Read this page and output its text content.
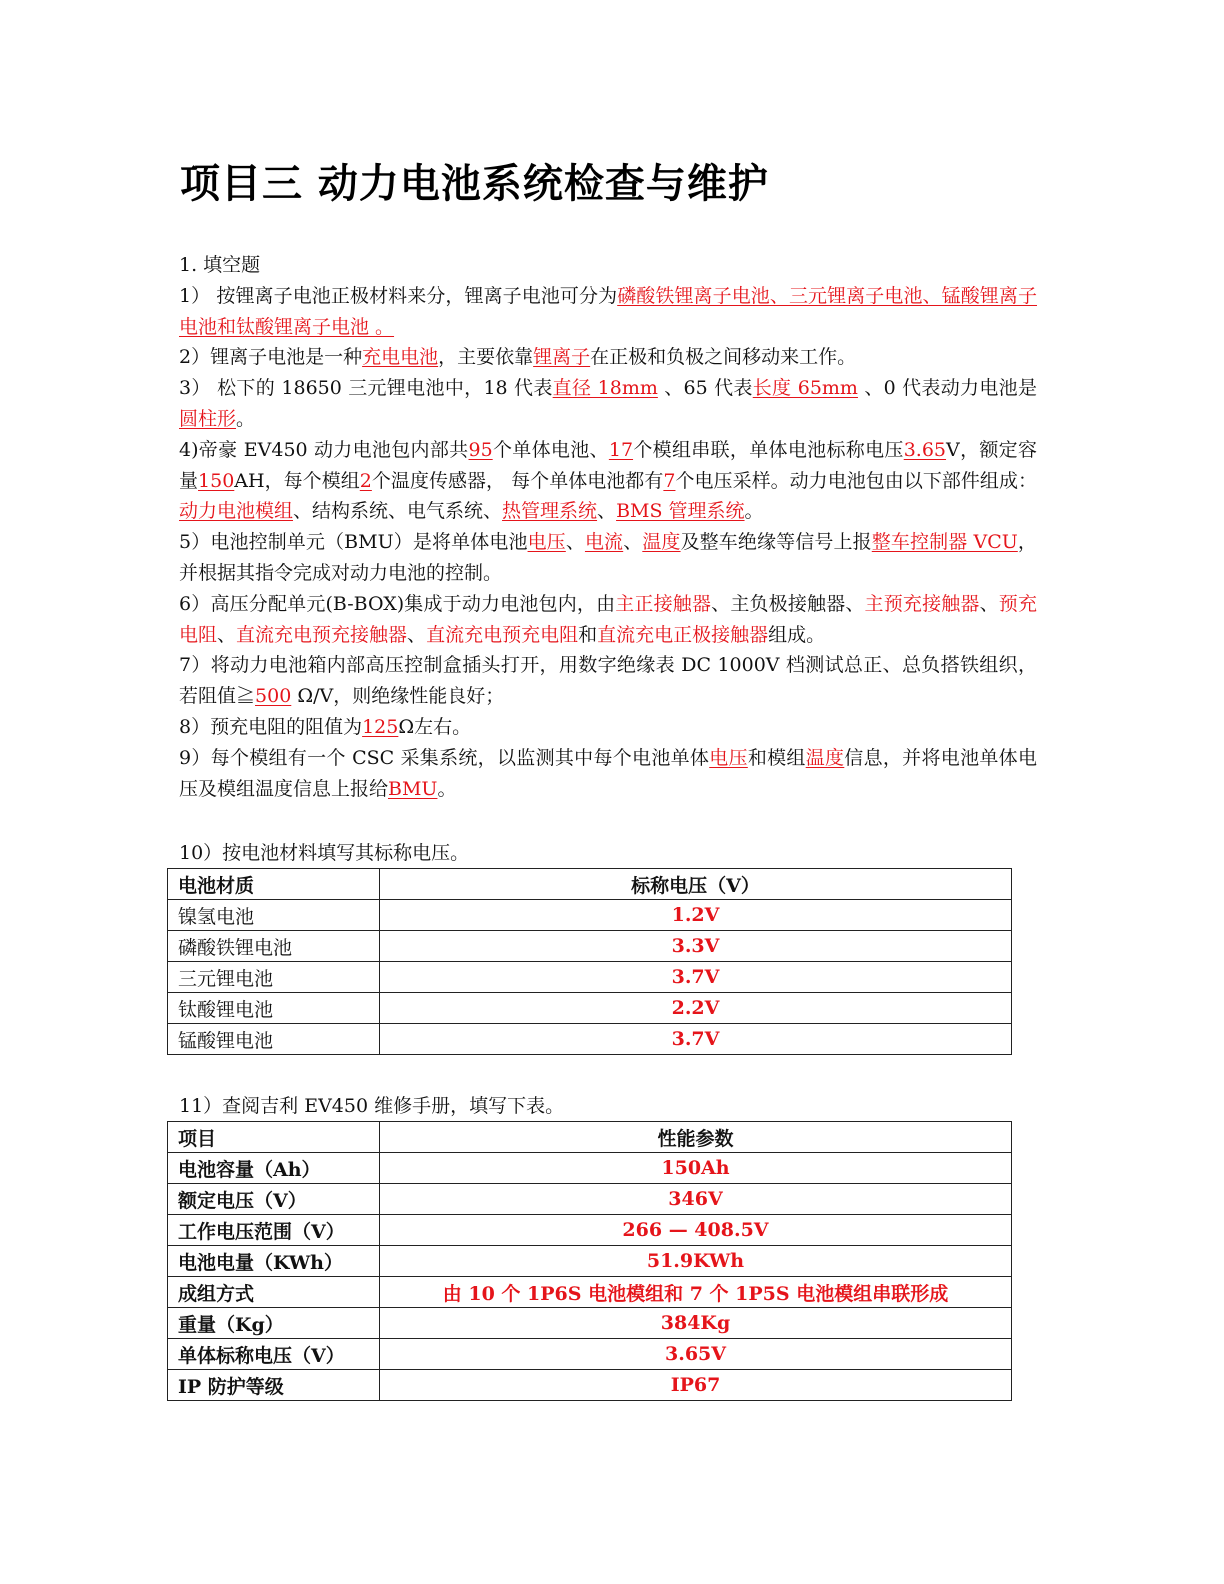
项目三 动力电池系统检查与维护

1. 填空题

1） 按锂离子电池正极材料来分，锂离子电池可分为磷酸铁锂离子电池、三元锂离子电池、锰酸锂离子电池和钛酸锂离子电池 。

2）锂离子电池是一种充电电池，主要依靠锂离子在正极和负极之间移动来工作。

3） 松下的 18650 三元锂电池中，18 代表直径 18mm 、65 代表长度 65mm 、0 代表动力电池是圆柱形。

4)帝豪 EV450 动力电池包内部共95个单体电池、17个模组串联，单体电池标称电压3.65V，额定容量150AH，每个模组2个温度传感器， 每个单体电池都有7个电压采样。动力电池包由以下部件组成：动力电池模组、结构系统、电气系统、热管理系统、BMS 管理系统。

5）电池控制单元（BMU）是将单体电池电压、电流、温度及整车绝缘等信号上报整车控制器 VCU，并根据其指令完成对动力电池的控制。

6）高压分配单元(B-BOX)集成于动力电池包内，由主正接触器、主负极接触器、主预充接触器、预充电阻、直流充电预充接触器、直流充电预充电阻和直流充电正极接触器组成。

7）将动力电池箱内部高压控制盒插头打开，用数字绝缘表 DC 1000V 档测试总正、总负搭铁组织，若阻值≧500 Ω/V，则绝缘性能良好；

8）预充电阻的阻值为125Ω左右。

9）每个模组有一个 CSC 采集系统，以监测其中每个电池单体电压和模组温度信息，并将电池单体电压及模组温度信息上报给BMU。

10）按电池材料填写其标称电压。

电池材质	标称电压（V）
镍氢电池	1.2V
磷酸铁锂电池	3.3V
三元锂电池	3.7V
钛酸锂电池	2.2V
锰酸锂电池	3.7V

11）查阅吉利 EV450 维修手册，填写下表。

项目	性能参数
电池容量（Ah）	150Ah
额定电压（V）	346V
工作电压范围（V）	266 — 408.5V
电池电量（KWh）	51.9KWh
成组方式	由 10 个 1P6S 电池模组和 7 个 1P5S 电池模组串联形成
重量（Kg）	384Kg
单体标称电压（V）	3.65V
IP 防护等级	IP67
